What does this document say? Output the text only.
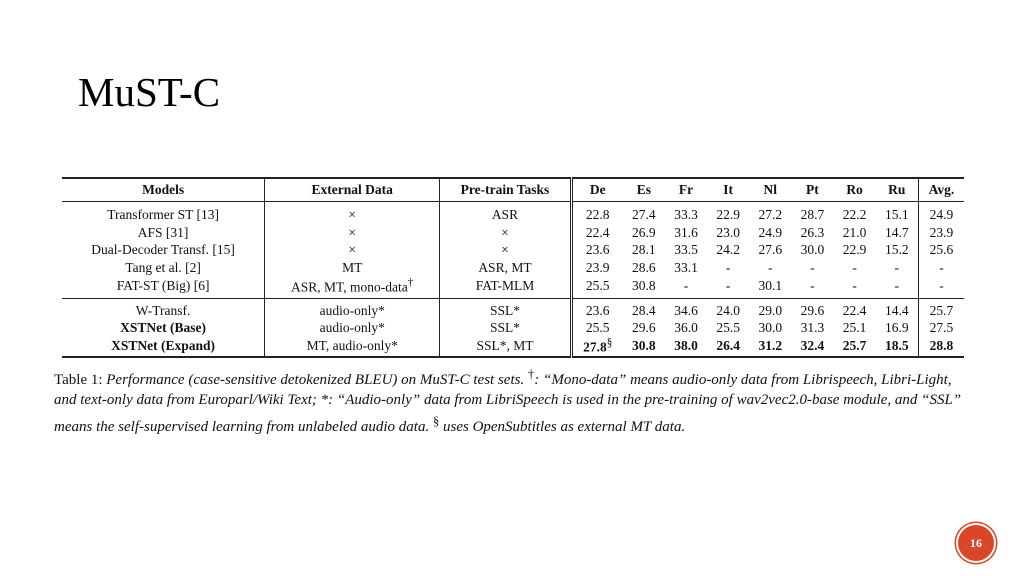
MuST-C
Models	External Data	Pre-train Tasks	De	Es	Fr	It	Nl	Pt	Ro	Ru	Avg.
Transformer ST [13]	×	ASR	22.8	27.4	33.3	22.9	27.2	28.7	22.2	15.1	24.9
AFS [31]	×	×	22.4	26.9	31.6	23.0	24.9	26.3	21.0	14.7	23.9
Dual-Decoder Transf. [15]	×	×	23.6	28.1	33.5	24.2	27.6	30.0	22.9	15.2	25.6
Tang et al. [2]	MT	ASR, MT	23.9	28.6	33.1	-	-	-	-	-	-
FAT-ST (Big) [6]	ASR, MT, mono-data†	FAT-MLM	25.5	30.8	-	-	30.1	-	-	-	-
W-Transf.	audio-only*	SSL*	23.6	28.4	34.6	24.0	29.0	29.6	22.4	14.4	25.7
XSTNet (Base)	audio-only*	SSL*	25.5	29.6	36.0	25.5	30.0	31.3	25.1	16.9	27.5
XSTNet (Expand)	MT, audio-only*	SSL*, MT	27.8§	30.8	38.0	26.4	31.2	32.4	25.7	18.5	28.8
Table 1: Performance (case-sensitive detokenized BLEU) on MuST-C test sets. †: “Mono-data” means audio-only data from Librispeech, Libri-Light, and text-only data from Europarl/Wiki Text; *: “Audio-only” data from LibriSpeech is used in the pre-training of wav2vec2.0-base module, and “SSL” means the self-supervised learning from unlabeled audio data. § uses OpenSubtitles as external MT data.
16
